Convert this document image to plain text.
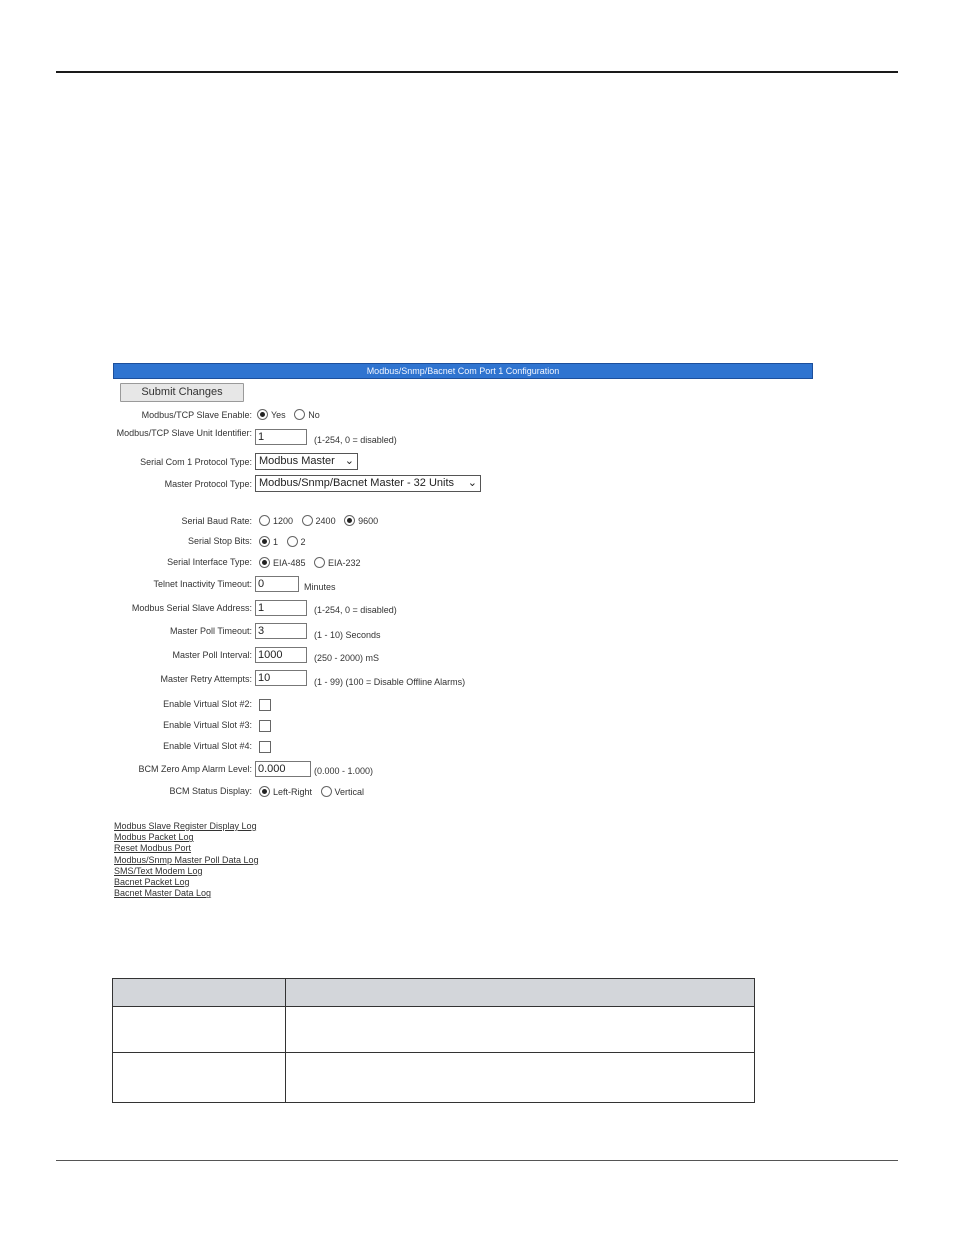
Modbus/Snmp/Bacnet Com Port 1 Configuration
Submit Changes
Modbus/TCP Slave Enable:	Yes	No
Modbus/TCP Slave Unit Identifier:
1
(1-254, 0 = disabled)
Serial Com 1 Protocol Type: Modbus Master ⌄
Master Protocol Type: Modbus/Snmp/Bacnet Master - 32 Units ⌄
Serial Baud Rate:	1200	2400	9600
Serial Stop Bits:	1	2
Serial Interface Type:	EIA-485	EIA-232
Telnet Inactivity Timeout:
0	Minutes
Modbus Serial Slave Address:
1	(1-254, 0 = disabled)
Master Poll Timeout:
3	(1 - 10) Seconds
Master Poll Interval:
1000	(250 - 2000) mS
Master Retry Attempts:
10	(1 - 99) (100 = Disable Offline Alarms)
Enable Virtual Slot #2:
Enable Virtual Slot #3:
Enable Virtual Slot #4:
BCM Zero Amp Alarm Level:
0.000	(0.000 - 1.000)
BCM Status Display:	Left-Right	Vertical
Modbus Slave Register Display Log
Modbus Packet Log
Reset Modbus Port
Modbus/Snmp Master Poll Data Log
SMS/Text Modem Log
Bacnet Packet Log
Bacnet Master Data Log
